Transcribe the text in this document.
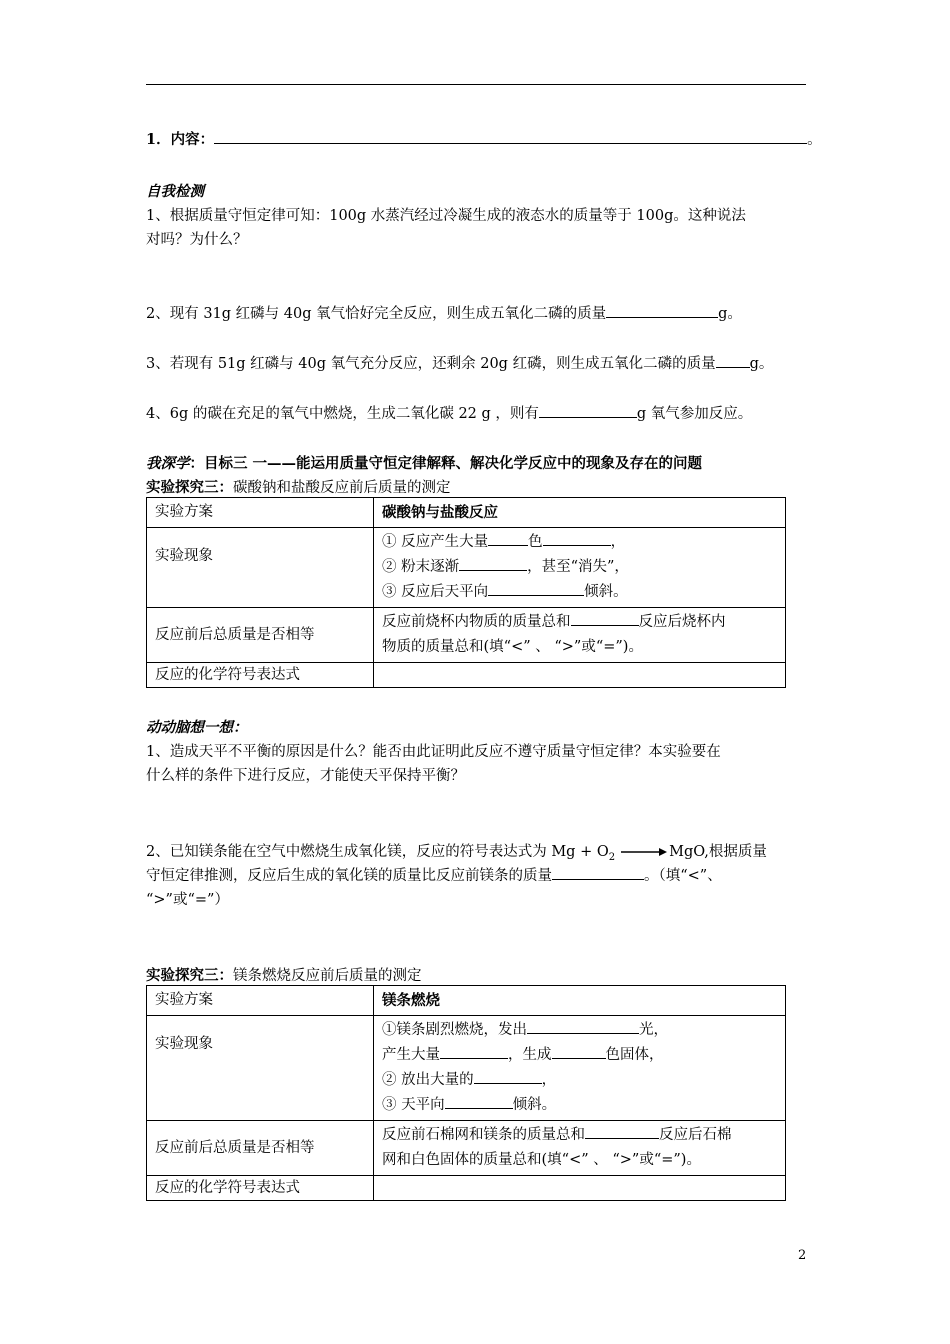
1．内容：	。
自我检测
1、根据质量守恒定律可知：100g 水蒸汽经过冷凝生成的液态水的质量等于 100g。这种说法
对吗？为什么？
2、现有 31g 红磷与 40g 氧气恰好完全反应，则生成五氧化二磷的质量	g。
3、若现有 51g 红磷与 40g 氧气充分反应，还剩余 20g 红磷，则生成五氧化二磷的质量 g。
4、6g 的碳在充足的氧气中燃烧，生成二氧化碳 22 g ，则有	g 氧气参加反应。
我深学：目标三 一——能运用质量守恒定律解释、解决化学反应中的现象及存在的问题
实验探究三：碳酸钠和盐酸反应前后质量的测定
实验方案	碳酸钠与盐酸反应
实验现象	① 反应产生大量 色 ，
② 粉末逐渐 ，甚至“消失”，
③ 反应后天平向 倾斜。

反应前后总质量是否相等	反应前烧杯内物质的质量总和 反应后烧杯内
物质的质量总和(填“<” 、 “>”或“=”)。

反应的化学符号表达式	
动动脑想一想：
1、造成天平不平衡的原因是什么？能否由此证明此反应不遵守质量守恒定律？本实验要在
什么样的条件下进行反应，才能使天平保持平衡？
2、已知镁条能在空气中燃烧生成氧化镁，反应的符号表达式为 $Mg + O_2$ → MgO,根据质量
守恒定律推测，反应后生成的氧化镁的质量比反应前镁条的质量	。（填“<”、
“>”或“=”）
实验探究三：镁条燃烧反应前后质量的测定
实验方案	镁条燃烧
实验现象	①镁条剧烈燃烧，发出 光，
产生大量 ，生成 色固体，
② 放出大量的 ，
③ 天平向 倾斜。

反应前后总质量是否相等	反应前石棉网和镁条的质量总和 反应后石棉
网和白色固体的质量总和(填“<” 、 “>”或“=”)。

反应的化学符号表达式	
2
